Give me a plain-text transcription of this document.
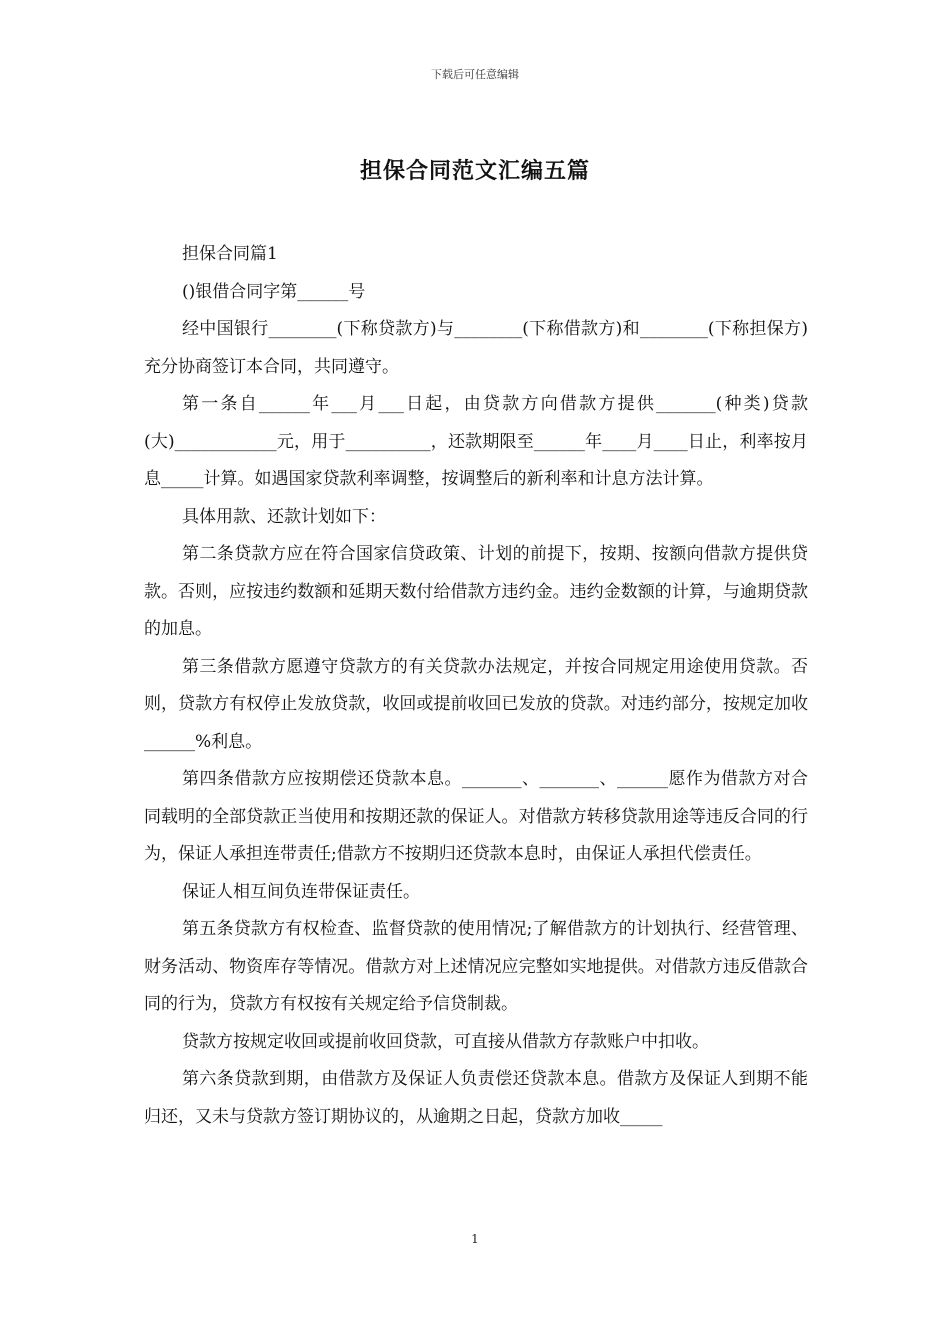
下载后可任意编辑
担保合同范文汇编五篇

担保合同篇1

()银借合同字第______号

经中国银行________(下称贷款方)与________(下称借款方)和________(下称担保方)充分协商签订本合同，共同遵守。

第一条自______年___月___日起，由贷款方向借款方提供_______(种类)贷款(大)____________元，用于__________，还款期限至______年____月____日止，利率按月息_____计算。如遇国家贷款利率调整，按调整后的新利率和计息方法计算。

具体用款、还款计划如下：

第二条贷款方应在符合国家信贷政策、计划的前提下，按期、按额向借款方提供贷款。否则，应按违约数额和延期天数付给借款方违约金。违约金数额的计算，与逾期贷款的加息。

第三条借款方愿遵守贷款方的有关贷款办法规定，并按合同规定用途使用贷款。否则，贷款方有权停止发放贷款，收回或提前收回已发放的贷款。对违约部分，按规定加收______%利息。

第四条借款方应按期偿还贷款本息。_______、_______、______愿作为借款方对合同载明的全部贷款正当使用和按期还款的保证人。对借款方转移贷款用途等违反合同的行为，保证人承担连带责任;借款方不按期归还贷款本息时，由保证人承担代偿责任。

保证人相互间负连带保证责任。

第五条贷款方有权检查、监督贷款的使用情况;了解借款方的计划执行、经营管理、财务活动、物资库存等情况。借款方对上述情况应完整如实地提供。对借款方违反借款合同的行为，贷款方有权按有关规定给予信贷制裁。

贷款方按规定收回或提前收回贷款，可直接从借款方存款账户中扣收。

第六条贷款到期，由借款方及保证人负责偿还贷款本息。借款方及保证人到期不能归还，又未与贷款方签订期协议的，从逾期之日起，贷款方加收_____

1
